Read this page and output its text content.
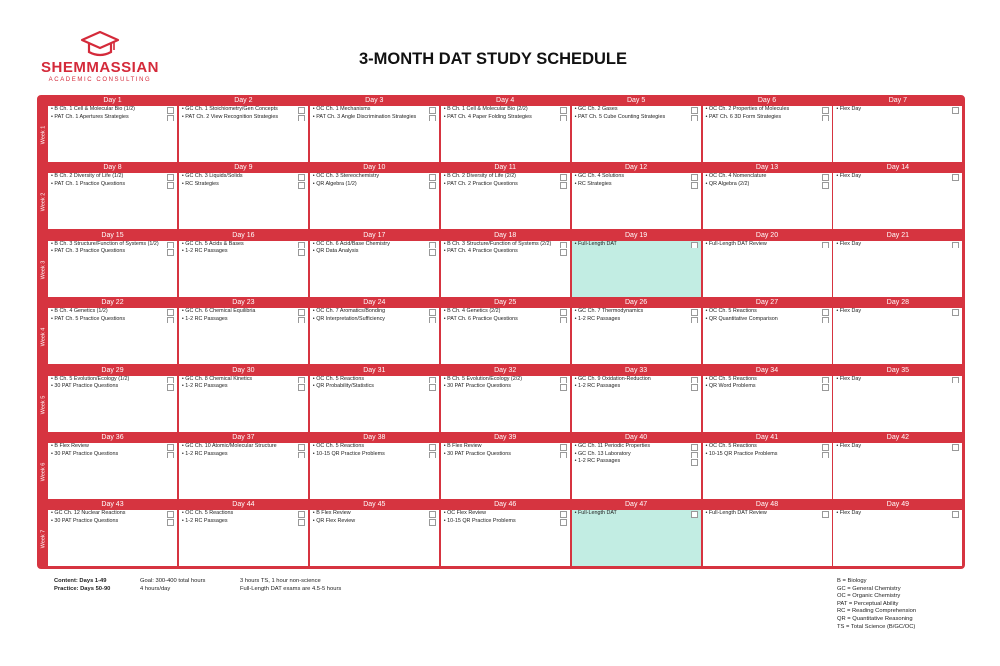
SHEMMASSIAN
ACADEMIC CONSULTING
3-MONTH DAT STUDY SCHEDULE
Week 1
Week 2
Week 3
Week 4
Week 5
Week 6
Week 7
Day 1
• B Ch. 1 Cell & Molecular Bio (1/2)
• PAT Ch. 1 Apertures Strategies
Day 2
• GC Ch. 1 Stoichiometry/Gen Concepts
• PAT Ch. 2 View Recognition Strategies
Day 3
• OC Ch. 1 Mechanisms
• PAT Ch. 3 Angle Discrimination Strategies
Day 4
• B Ch. 1 Cell & Molecular Bio (2/2)
• PAT Ch. 4 Paper Folding Strategies
Day 5
• GC Ch. 2 Gases
• PAT Ch. 5 Cube Counting Strategies
Day 6
• OC Ch. 2 Properties of Molecules
• PAT Ch. 6 3D Form Strategies
Day 7
• Flex Day
Day 8
• B Ch. 2 Diversity of Life (1/2)
• PAT Ch. 1 Practice Questions
Day 9
• GC Ch. 3 Liquids/Solids
• RC Strategies
Day 10
• OC Ch. 3 Stereochemistry
• QR Algebra (1/2)
Day 11
• B Ch. 2 Diversity of Life (2/2)
• PAT Ch. 2 Practice Questions
Day 12
• GC Ch. 4 Solutions
• RC Strategies
Day 13
• OC Ch. 4 Nomenclature
• QR Algebra (2/2)
Day 14
• Flex Day
Day 15
• B Ch. 3 Structure/Function of Systems (1/2)
• PAT Ch. 3 Practice Questions
Day 16
• GC Ch. 5 Acids & Bases
• 1-2 RC Passages
Day 17
• OC Ch. 6 Acid/Base Chemistry
• QR Data Analysis
Day 18
• B Ch. 3 Structure/Function of Systems (2/2)
• PAT Ch. 4 Practice Questions
Day 19
• Full-Length DAT
Day 20
• Full-Length DAT Review
Day 21
• Flex Day
Day 22
• B Ch. 4 Genetics (1/2)
• PAT Ch. 5 Practice Questions
Day 23
• GC Ch. 6 Chemical Equilibria
• 1-2 RC Passages
Day 24
• OC Ch. 7 Aromatics/Bonding
• QR Interpretation/Sufficiency
Day 25
• B Ch. 4 Genetics (2/2)
• PAT Ch. 6 Practice Questions
Day 26
• GC Ch. 7 Thermodynamics
• 1-2 RC Passages
Day 27
• OC Ch. 5 Reactions
• QR Quantitative Comparison
Day 28
• Flex Day
Day 29
• B Ch. 5 Evolution/Ecology (1/2)
• 30 PAT Practice Questions
Day 30
• GC Ch. 8 Chemical Kinetics
• 1-2 RC Passages
Day 31
• OC Ch. 5 Reactions
• QR Probability/Statistics
Day 32
• B Ch. 5 Evolution/Ecology (2/2)
• 30 PAT Practice Questions
Day 33
• GC Ch. 9 Oxidation-Reduction
• 1-2 RC Passages
Day 34
• OC Ch. 5 Reactions
• QR Word Problems
Day 35
• Flex Day
Day 36
• B Flex Review
• 30 PAT Practice Questions
Day 37
• GC Ch. 10 Atomic/Molecular Structure
• 1-2 RC Passages
Day 38
• OC Ch. 5 Reactions
• 10-15 QR Practice Problems
Day 39
• B Flex Review
• 30 PAT Practice Questions
Day 40
• GC Ch. 11 Periodic Properties
• GC Ch. 13 Laboratory
• 1-2 RC Passages
Day 41
• OC Ch. 5 Reactions
• 10-15 QR Practice Problems
Day 42
• Flex Day
Day 43
• GC Ch. 12 Nuclear Reactions
• 30 PAT Practice Questions
Day 44
• OC Ch. 5 Reactions
• 1-2 RC Passages
Day 45
• B Flex Review
• QR Flex Review
Day 46
• OC Flex Review
• 10-15 QR Practice Problems
Day 47
• Full-Length DAT
Day 48
• Full-Length DAT Review
Day 49
• Flex Day
Content: Days 1-49
Practice: Days 50-90
Goal: 300-400 total hours
4 hours/day
3 hours TS, 1 hour non-science
Full-Length DAT exams are 4.5-5 hours
B = Biology
GC = General Chemistry
OC = Organic Chemistry
PAT = Perceptual Ability
RC = Reading Comprehension
QR = Quantitative Reasoning
TS = Total Science (B/GC/OC)
